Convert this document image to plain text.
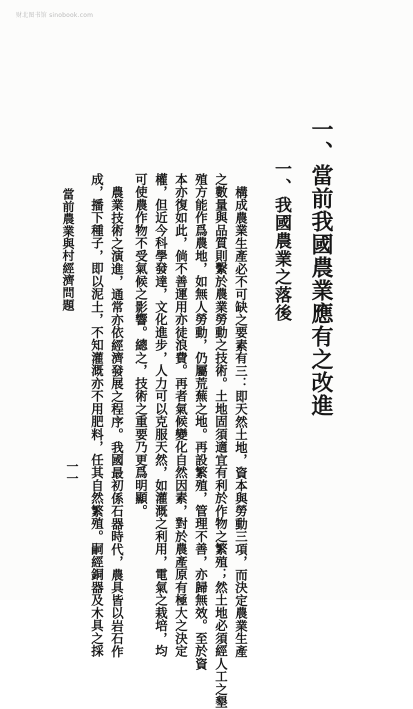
财北图书馆 sinobook.com
一、當前我國農業應有之改進
一、我國農業之落後
構成農業生產必不可缺之要素有三：即天然土地，資本與勞動三項，而決定農業生產
之數量與品質則繫於農業勞動之技術。土地固須適宜有利於作物之繁殖；然土地必須經人工之墾
殖方能作爲農地，如無人勞動，仍屬荒蕪之地。再設繁殖，管理不善，亦歸無效。至於資
本亦復如此，倘不善運用亦徒浪費。再者氣候變化自然因素，對於農產原有極大之決定
權，但近今科學發達，文化進步，人力可以克服天然，如灌溉之利用，電氣之栽培，均
可使農作物不受氣候之影響。總之，技術之重要乃更爲明顯。
農業技術之演進，通常亦依經濟發展之程序。我國最初係石器時代，農具皆以岩石作
成，播下種子，即以泥土，不知灌溉亦不用肥料，任其自然繁殖。嗣經銅器及木具之採
當前農業與村經濟問題
一一
